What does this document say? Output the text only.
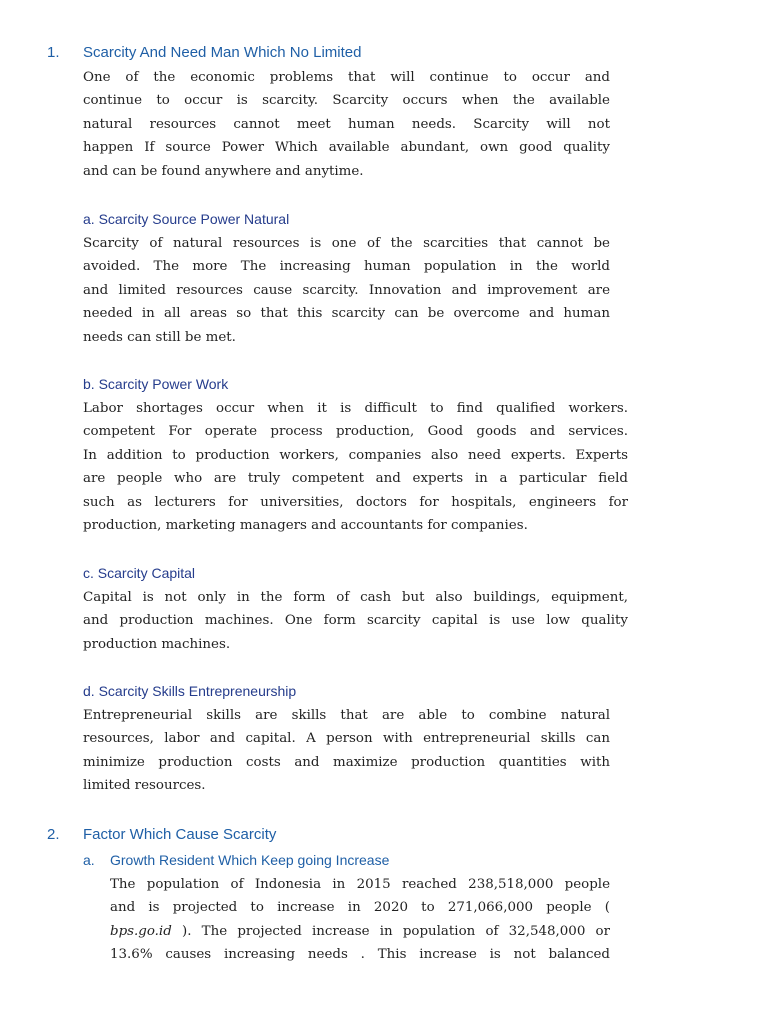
1. Scarcity And Need Man Which No Limited
One of the economic problems that will continue to occur and
continue to occur is scarcity. Scarcity occurs when the available
natural resources cannot meet human needs. Scarcity will not
happen If source Power Which available abundant, own good quality
and can be found anywhere and anytime.
a. Scarcity Source Power Natural
Scarcity of natural resources is one of the scarcities that cannot be
avoided. The more The increasing human population in the world
and limited resources cause scarcity. Innovation and improvement are
needed in all areas so that this scarcity can be overcome and human
needs can still be met.
b. Scarcity Power Work
Labor shortages occur when it is difficult to find qualified workers.
competent For operate process production, Good goods and services.
In addition to production workers, companies also need experts. Experts
are people who are truly competent and experts in a particular field
such as lecturers for universities, doctors for hospitals, engineers for
production, marketing managers and accountants for companies.
c. Scarcity Capital
Capital is not only in the form of cash but also buildings, equipment,
and production machines. One form scarcity capital is use low quality
production machines.
d. Scarcity Skills Entrepreneurship
Entrepreneurial skills are skills that are able to combine natural
resources, labor and capital. A person with entrepreneurial skills can
minimize production costs and maximize production quantities with
limited resources.
2. Factor Which Cause Scarcity
a. Growth Resident Which Keep going Increase
The population of Indonesia in 2015 reached 238,518,000 people
and is projected to increase in 2020 to 271,066,000 people (
bps.go.id ). The projected increase in population of 32,548,000 or
13.6% causes increasing needs . This increase is not balanced
